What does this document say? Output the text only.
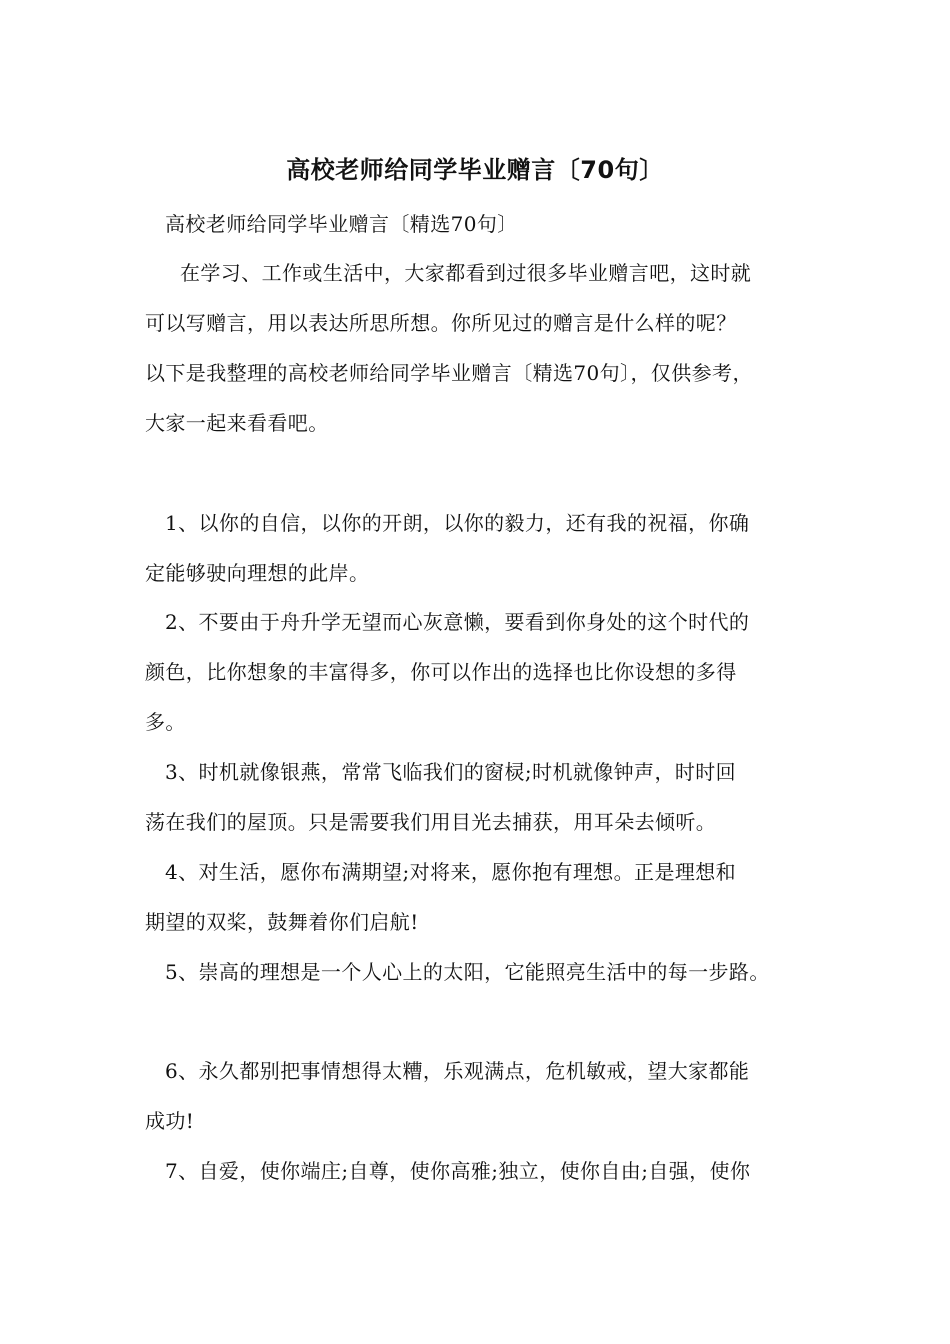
高校老师给同学毕业赠言〔70句〕
高校老师给同学毕业赠言〔精选70句〕
在学习、工作或生活中，大家都看到过很多毕业赠言吧，这时就
可以写赠言，用以表达所思所想。你所见过的赠言是什么样的呢？
以下是我整理的高校老师给同学毕业赠言〔精选70句〕，仅供参考，
大家一起来看看吧。
1、以你的自信，以你的开朗，以你的毅力，还有我的祝福，你确
定能够驶向理想的此岸。
2、不要由于舟升学无望而心灰意懒，要看到你身处的这个时代的
颜色，比你想象的丰富得多，你可以作出的选择也比你设想的多得
多。
3、时机就像银燕，常常飞临我们的窗棂;时机就像钟声，时时回
荡在我们的屋顶。只是需要我们用目光去捕获，用耳朵去倾听。
4、对生活，愿你布满期望;对将来，愿你抱有理想。正是理想和
期望的双桨，鼓舞着你们启航!
5、崇高的理想是一个人心上的太阳，它能照亮生活中的每一步路。
6、永久都别把事情想得太糟，乐观满点，危机敏戒，望大家都能
成功!
7、自爱，使你端庄;自尊，使你高雅;独立，使你自由;自强，使你
